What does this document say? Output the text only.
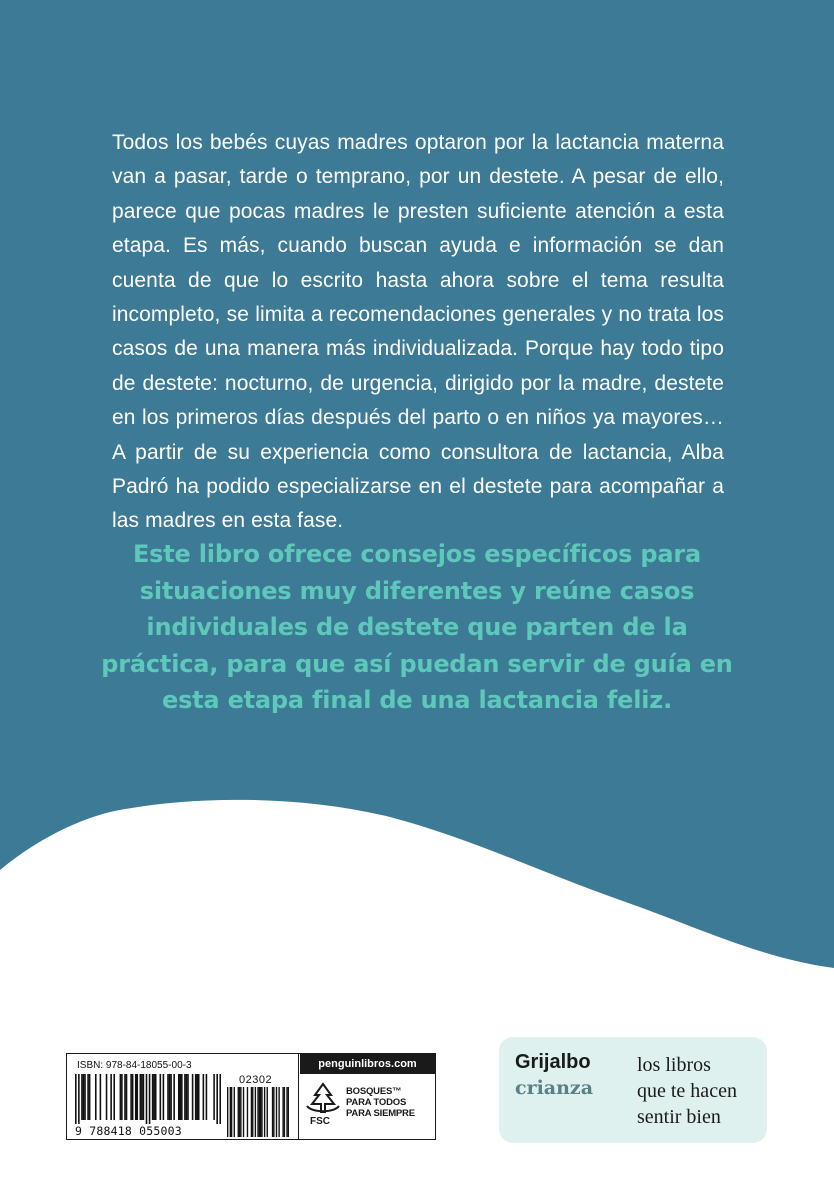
Todos los bebés cuyas madres optaron por la lactancia materna van a pasar, tarde o temprano, por un destete. A pesar de ello, parece que pocas madres le presten suficiente atención a esta etapa. Es más, cuando buscan ayuda e información se dan cuenta de que lo escrito hasta ahora sobre el tema resulta incompleto, se limita a recomendaciones generales y no trata los casos de una manera más individualizada. Porque hay todo tipo de destete: nocturno, de urgencia, dirigido por la madre, destete en los primeros días después del parto o en niños ya mayores… A partir de su experiencia como consultora de lactancia, Alba Padró ha podido especializarse en el destete para acompañar a las madres en esta fase.
Este libro ofrece consejos específicos para situaciones muy diferentes y reúne casos individuales de destete que parten de la práctica, para que así puedan servir de guía en esta etapa final de una lactancia feliz.
ISBN: 978-84-18055-00-3
02302
9 788418 055003
penguinlibros.com
FSC
BOSQUES™
PARA TODOS
PARA SIEMPRE
Grijalbo
crianza
los libros
que te hacen
sentir bien
